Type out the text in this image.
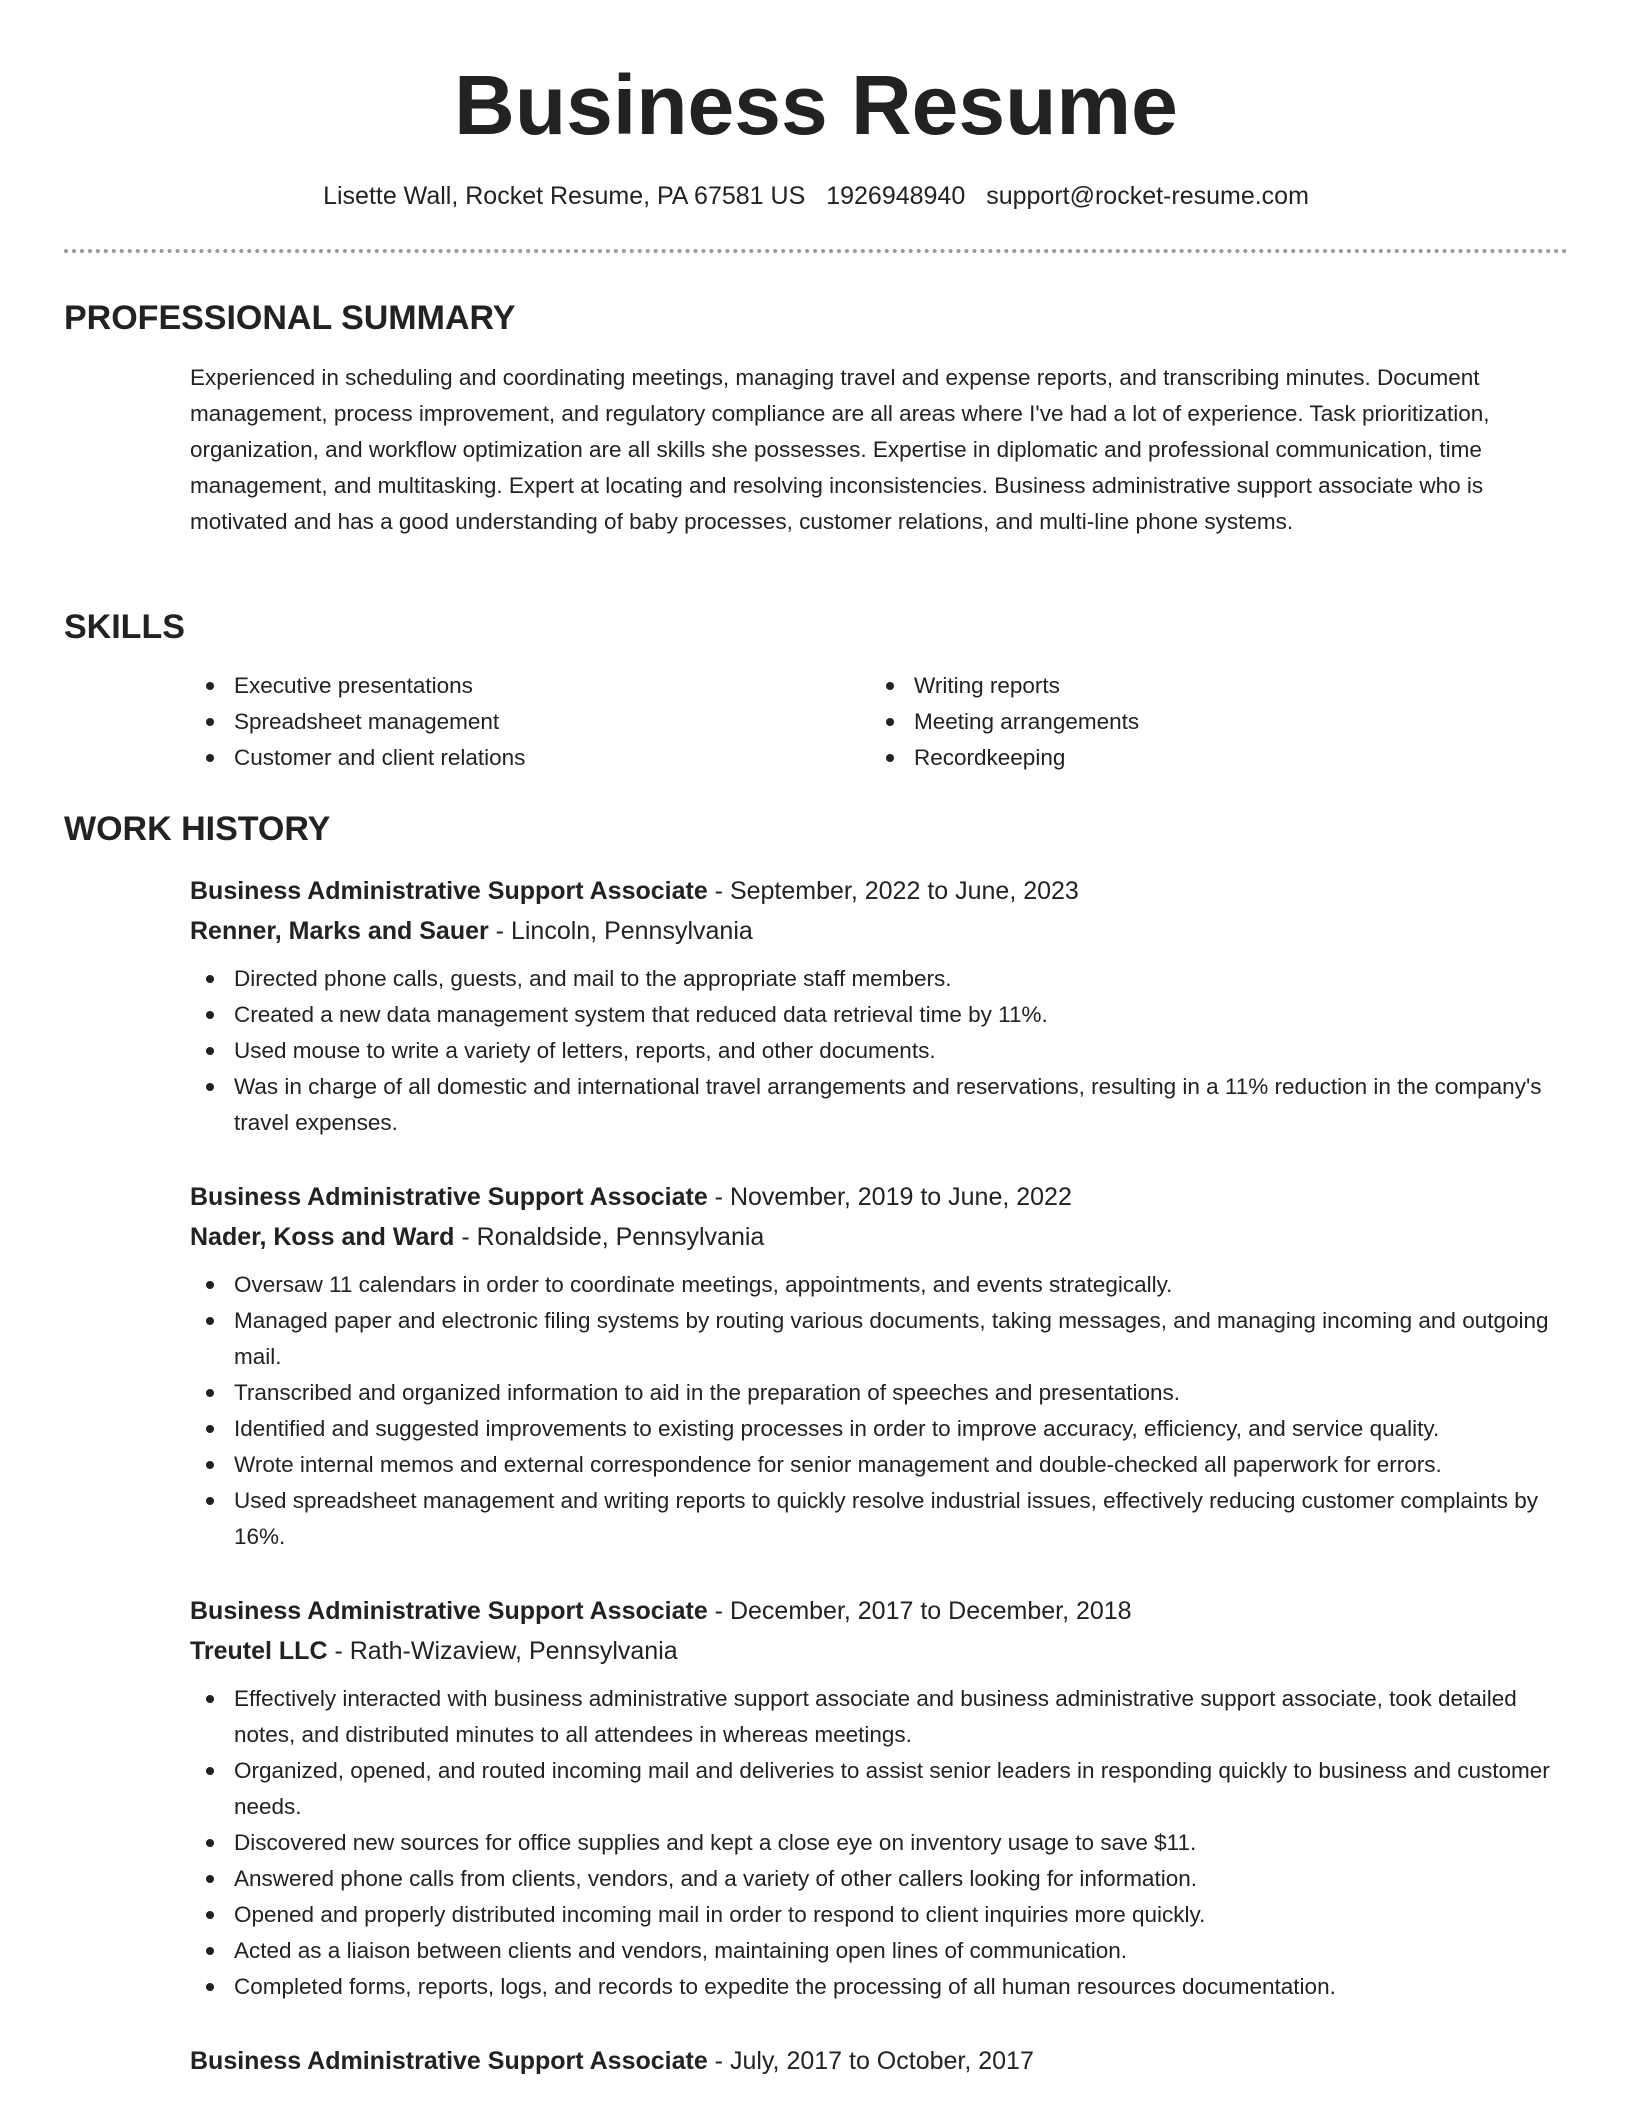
Business Resume
Lisette Wall, Rocket Resume, PA 67581 US 1926948940 support@rocket-resume.com
PROFESSIONAL SUMMARY

Experienced in scheduling and coordinating meetings, managing travel and expense reports, and transcribing minutes. Document management, process improvement, and regulatory compliance are all areas where I've had a lot of experience. Task prioritization, organization, and workflow optimization are all skills she possesses. Expertise in diplomatic and professional communication, time management, and multitasking. Expert at locating and resolving inconsistencies. Business administrative support associate who is motivated and has a good understanding of baby processes, customer relations, and multi-line phone systems.

SKILLS
Executive presentations
Spreadsheet management
Customer and client relations
Writing reports
Meeting arrangements
Recordkeeping
WORK HISTORY

Business Administrative Support Associate - September, 2022 to June, 2023

Renner, Marks and Sauer - Lincoln, Pennsylvania

Directed phone calls, guests, and mail to the appropriate staff members.
Created a new data management system that reduced data retrieval time by 11%.
Used mouse to write a variety of letters, reports, and other documents.
Was in charge of all domestic and international travel arrangements and reservations, resulting in a 11% reduction in the company's travel expenses.

Business Administrative Support Associate - November, 2019 to June, 2022

Nader, Koss and Ward - Ronaldside, Pennsylvania

Oversaw 11 calendars in order to coordinate meetings, appointments, and events strategically.
Managed paper and electronic filing systems by routing various documents, taking messages, and managing incoming and outgoing mail.
Transcribed and organized information to aid in the preparation of speeches and presentations.
Identified and suggested improvements to existing processes in order to improve accuracy, efficiency, and service quality.
Wrote internal memos and external correspondence for senior management and double-checked all paperwork for errors.
Used spreadsheet management and writing reports to quickly resolve industrial issues, effectively reducing customer complaints by 16%.

Business Administrative Support Associate - December, 2017 to December, 2018

Treutel LLC - Rath-Wizaview, Pennsylvania

Effectively interacted with business administrative support associate and business administrative support associate, took detailed notes, and distributed minutes to all attendees in whereas meetings.
Organized, opened, and routed incoming mail and deliveries to assist senior leaders in responding quickly to business and customer needs.
Discovered new sources for office supplies and kept a close eye on inventory usage to save $11.
Answered phone calls from clients, vendors, and a variety of other callers looking for information.
Opened and properly distributed incoming mail in order to respond to client inquiries more quickly.
Acted as a liaison between clients and vendors, maintaining open lines of communication.
Completed forms, reports, logs, and records to expedite the processing of all human resources documentation.

Business Administrative Support Associate - July, 2017 to October, 2017
